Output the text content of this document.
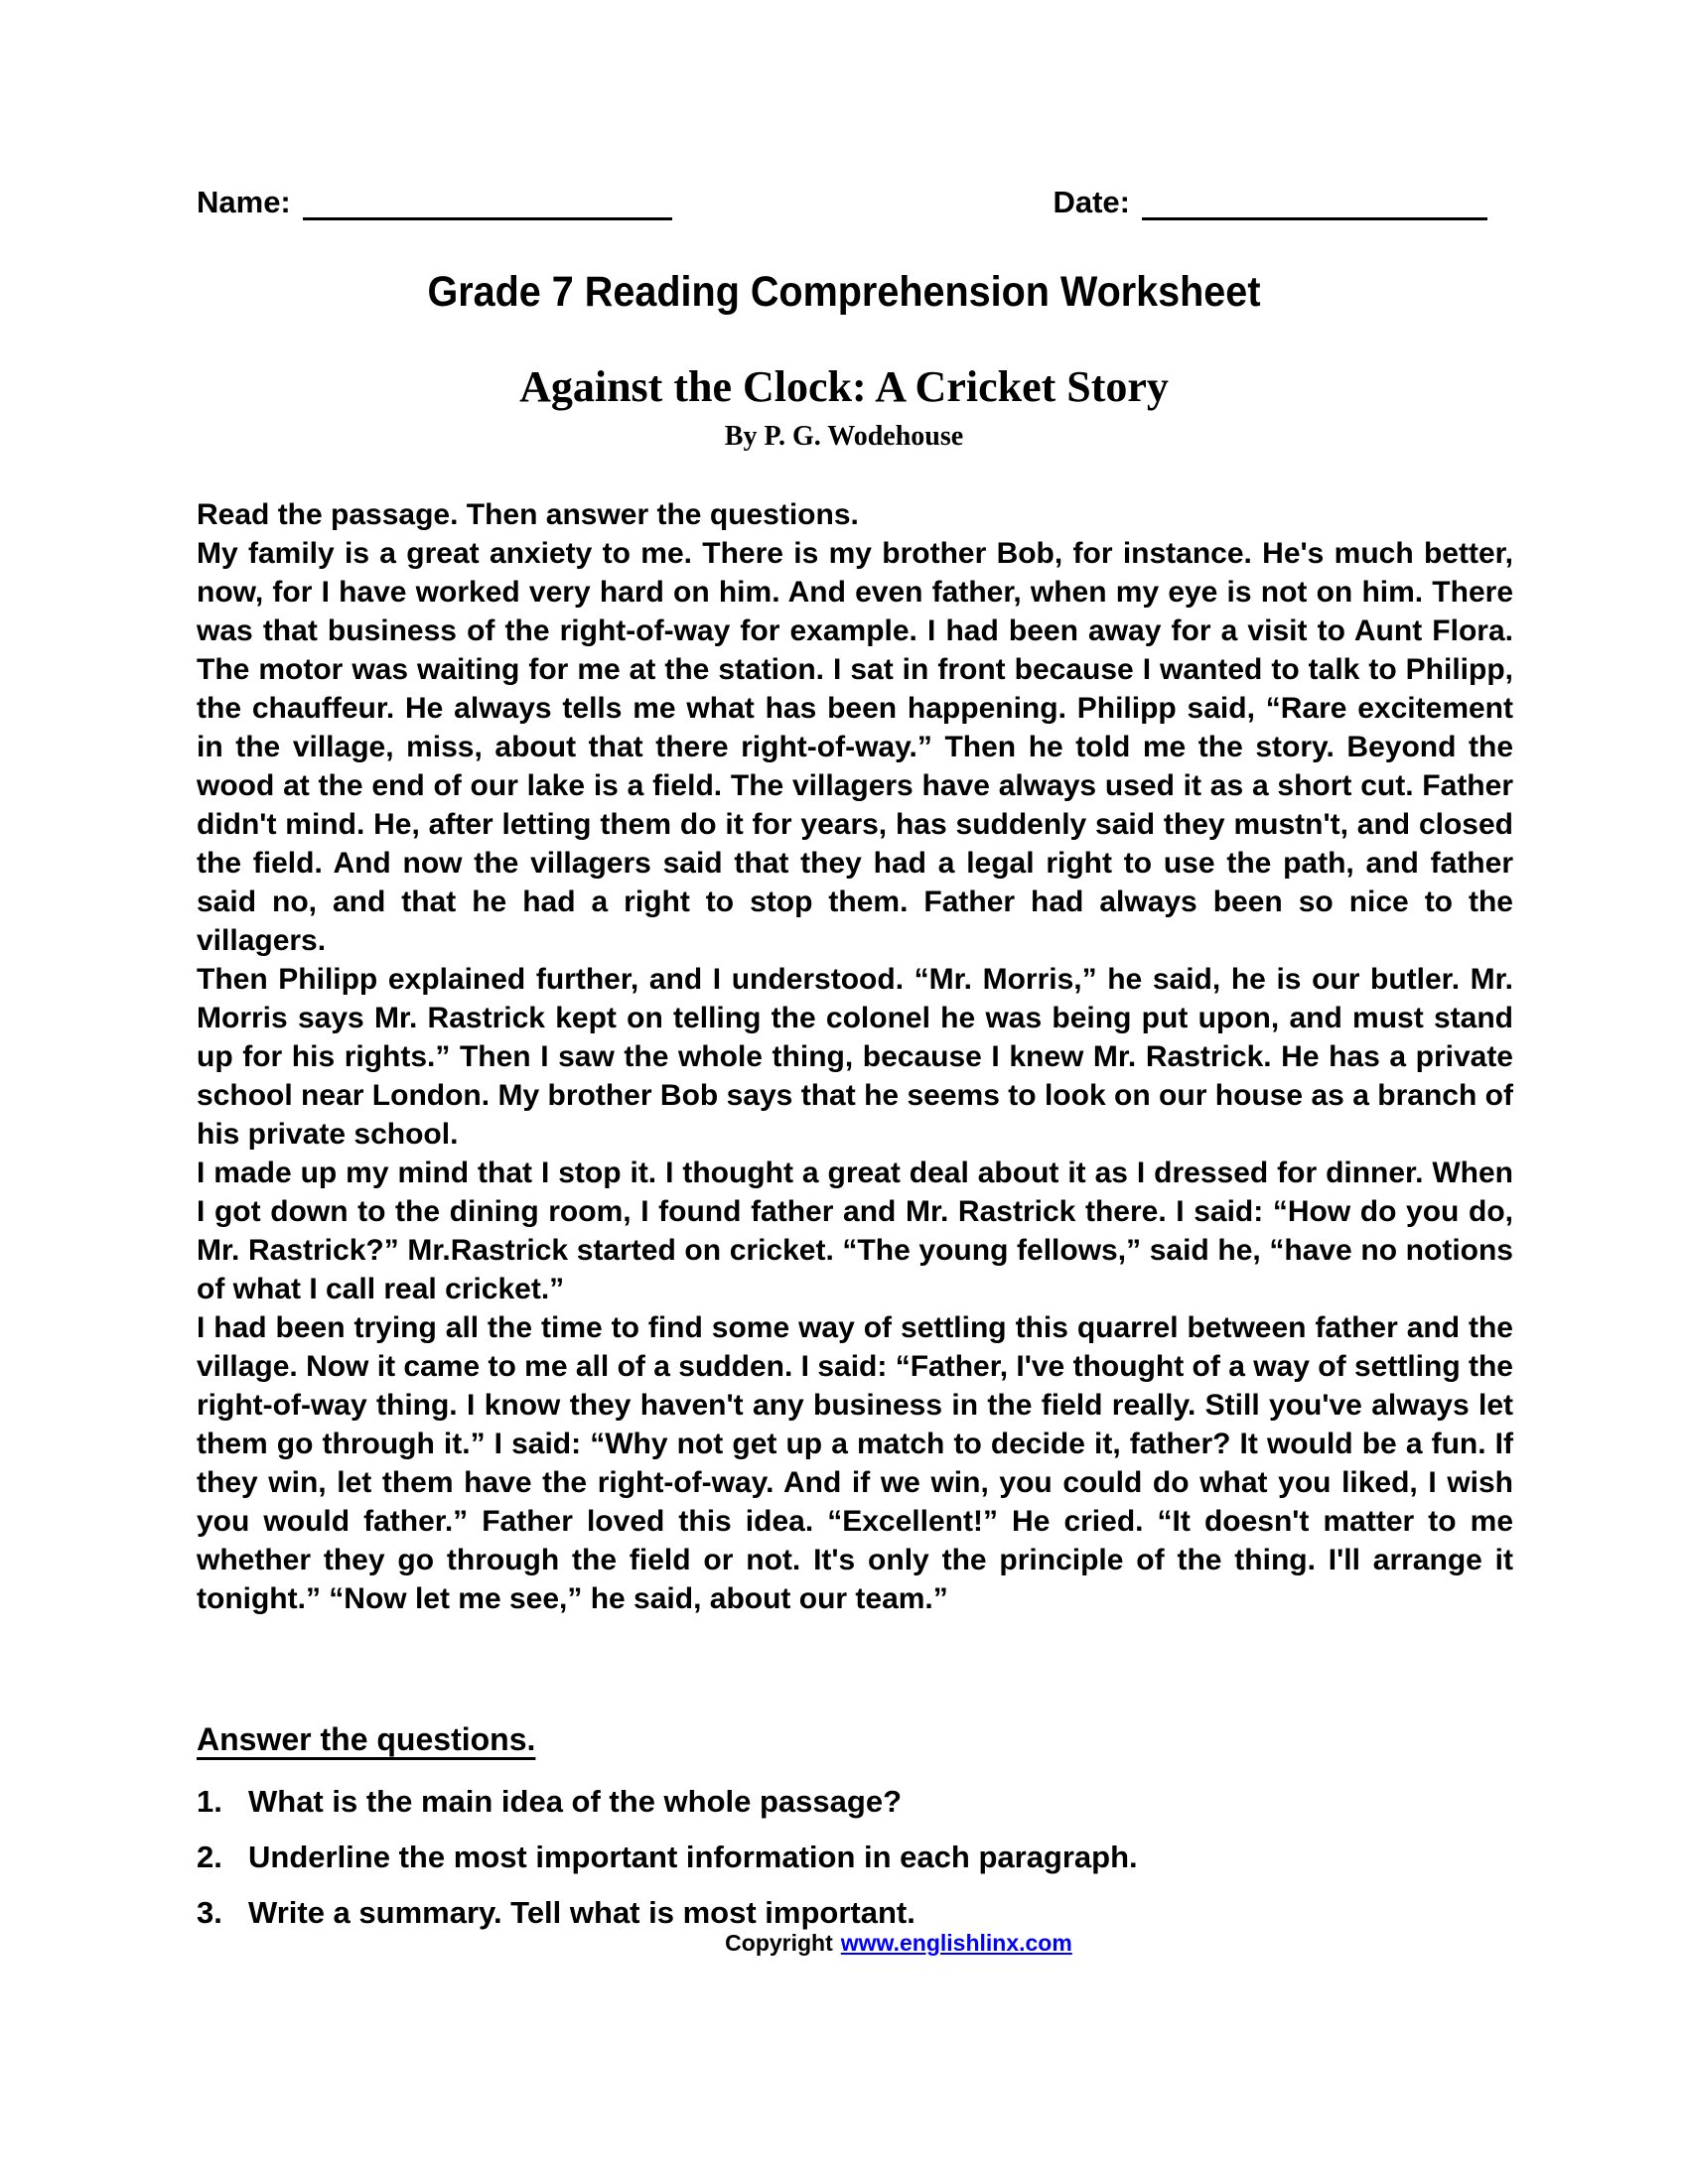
Name:	Date:
Grade 7 Reading Comprehension Worksheet
Against the Clock: A Cricket Story
By P. G. Wodehouse

Read the passage. Then answer the questions.

My family is a great anxiety to me. There is my brother Bob, for instance. He's much better, now, for I have worked very hard on him. And even father, when my eye is not on him. There was that business of the right-of-way for example. I had been away for a visit to Aunt Flora. The motor was waiting for me at the station. I sat in front because I wanted to talk to Philipp, the chauffeur. He always tells me what has been happening. Philipp said, “Rare excitement in the village, miss, about that there right-of-way.” Then he told me the story. Beyond the wood at the end of our lake is a field. The villagers have always used it as a short cut. Father didn't mind. He, after letting them do it for years, has suddenly said they mustn't, and closed the field. And now the villagers said that they had a legal right to use the path, and father said no, and that he had a right to stop them. Father had always been so nice to the villagers.

Then Philipp explained further, and I understood. “Mr. Morris,” he said, he is our butler. Mr. Morris says Mr. Rastrick kept on telling the colonel he was being put upon, and must stand up for his rights.” Then I saw the whole thing, because I knew Mr. Rastrick. He has a private school near London. My brother Bob says that he seems to look on our house as a branch of his private school.

I made up my mind that I stop it. I thought a great deal about it as I dressed for dinner. When I got down to the dining room, I found father and Mr. Rastrick there. I said: “How do you do, Mr. Rastrick?” Mr.Rastrick started on cricket. “The young fellows,” said he, “have no notions of what I call real cricket.”

I had been trying all the time to find some way of settling this quarrel between father and the village. Now it came to me all of a sudden. I said: “Father, I've thought of a way of settling the right-of-way thing. I know they haven't any business in the field really. Still you've always let them go through it.” I said: “Why not get up a match to decide it, father? It would be a fun. If they win, let them have the right-of-way. And if we win, you could do what you liked, I wish you would father.” Father loved this idea. “Excellent!” He cried. “It doesn't matter to me whether they go through the field or not. It's only the principle of the thing. I'll arrange it tonight.” “Now let me see,” he said, about our team.”

Answer the questions.
1. What is the main idea of the whole passage?
2. Underline the most important information in each paragraph.
3. Write a summary. Tell what is most important.
Copyright www.englishlinx.com
